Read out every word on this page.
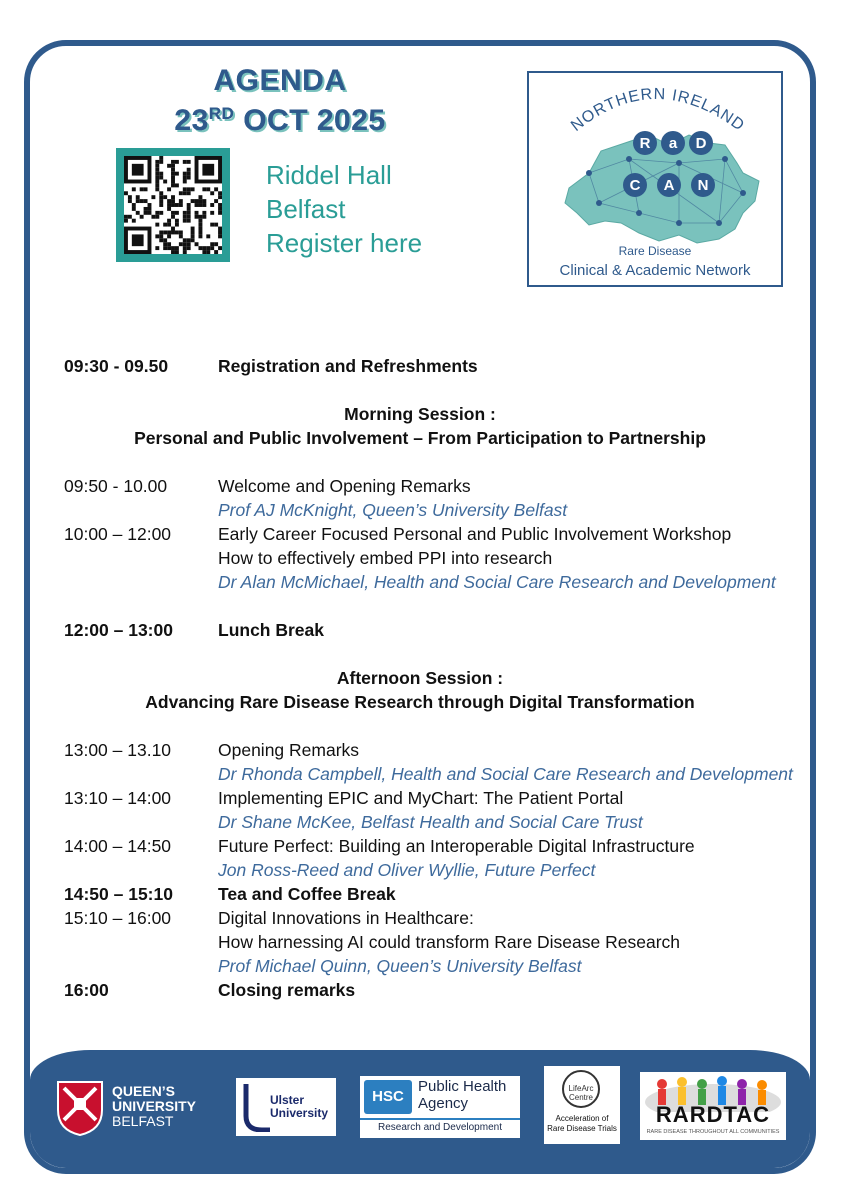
AGENDA
23RD OCT 2025
Riddel Hall
Belfast
Register here
NORTHERN IRELAND
R a D
C A N
Rare Disease
Clinical & Academic Network
09:30 - 09.50	Registration and Refreshments
Morning Session :
Personal and Public Involvement – From Participation to Partnership
09:50 - 10.00	Welcome and Opening Remarks
Prof AJ McKnight, Queen’s University Belfast
10:00 – 12:00	Early Career Focused Personal and Public Involvement Workshop
How to effectively embed PPI into research
Dr Alan McMichael, Health and Social Care Research and Development
12:00 – 13:00	Lunch Break
Afternoon Session :
Advancing Rare Disease Research through Digital Transformation
13:00 – 13.10	Opening Remarks
Dr Rhonda Campbell, Health and Social Care Research and Development
13:10 – 14:00	Implementing EPIC and MyChart: The Patient Portal
Dr Shane McKee, Belfast Health and Social Care Trust
14:00 – 14:50	Future Perfect: Building an Interoperable Digital Infrastructure
Jon Ross-Reed and Oliver Wyllie, Future Perfect
14:50 – 15:10	Tea and Coffee Break
15:10 – 16:00	Digital Innovations in Healthcare:
How harnessing AI could transform Rare Disease Research
Prof Michael Quinn, Queen’s University Belfast
16:00	Closing remarks
QUEEN’S
UNIVERSITY
BELFAST
Ulster
University
HSC
Public Health
Agency
Research and Development
LifeArc
Centre
Acceleration of
Rare Disease Trials
RARDTAC
RARE DISEASE THROUGHOUT ALL COMMUNITIES
